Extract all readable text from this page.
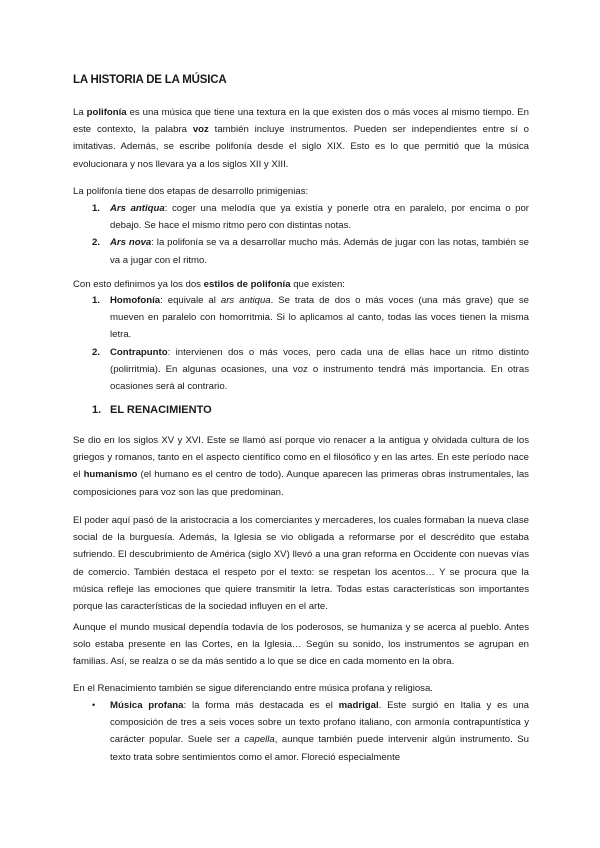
LA HISTORIA DE LA MÚSICA
La polifonía es una música que tiene una textura en la que existen dos o más voces al mismo tiempo. En este contexto, la palabra voz también incluye instrumentos. Pueden ser independientes entre sí o imitativas. Además, se escribe polifonía desde el siglo XIX. Esto es lo que permitió que la música evolucionara y nos llevara ya a los siglos XII y XIII.
La polifonía tiene dos etapas de desarrollo primigenias:
1. Ars antiqua: coger una melodía que ya existía y ponerle otra en paralelo, por encima o por debajo. Se hace el mismo ritmo pero con distintas notas.
2. Ars nova: la polifonía se va a desarrollar mucho más. Además de jugar con las notas, también se va a jugar con el ritmo.
Con esto definimos ya los dos estilos de polifonía que existen:
1. Homofonía: equivale al ars antiqua. Se trata de dos o más voces (una más grave) que se mueven en paralelo con homorritmia. Si lo aplicamos al canto, todas las voces tienen la misma letra.
2. Contrapunto: intervienen dos o más voces, pero cada una de ellas hace un ritmo distinto (polirritmia). En algunas ocasiones, una voz o instrumento tendrá más importancia. En otras ocasiones será al contrario.
1. EL RENACIMIENTO
Se dio en los siglos XV y XVI. Este se llamó así porque vio renacer a la antigua y olvidada cultura de los griegos y romanos, tanto en el aspecto científico como en el filosófico y en las artes. En este período nace el humanismo (el humano es el centro de todo). Aunque aparecen las primeras obras instrumentales, las composiciones para voz son las que predominan.
El poder aquí pasó de la aristocracia a los comerciantes y mercaderes, los cuales formaban la nueva clase social de la burguesía. Además, la Iglesia se vio obligada a reformarse por el descrédito que estaba sufriendo. El descubrimiento de América (siglo XV) llevó a una gran reforma en Occidente con nuevas vías de comercio. También destaca el respeto por el texto: se respetan los acentos… Y se procura que la música refleje las emociones que quiere transmitir la letra. Todas estas características son importantes porque las características de la sociedad influyen en el arte.
Aunque el mundo musical dependía todavía de los poderosos, se humaniza y se acerca al pueblo. Antes solo estaba presente en las Cortes, en la Iglesia… Según su sonido, los instrumentos se agrupan en familias. Así, se realza o se da más sentido a lo que se dice en cada momento en la obra.
En el Renacimiento también se sigue diferenciando entre música profana y religiosa.
• Música profana: la forma más destacada es el madrigal. Este surgió en Italia y es una composición de tres a seis voces sobre un texto profano italiano, con armonía contrapuntística y carácter popular. Suele ser a capella, aunque también puede intervenir algún instrumento. Su texto trata sobre sentimientos como el amor. Floreció especialmente
